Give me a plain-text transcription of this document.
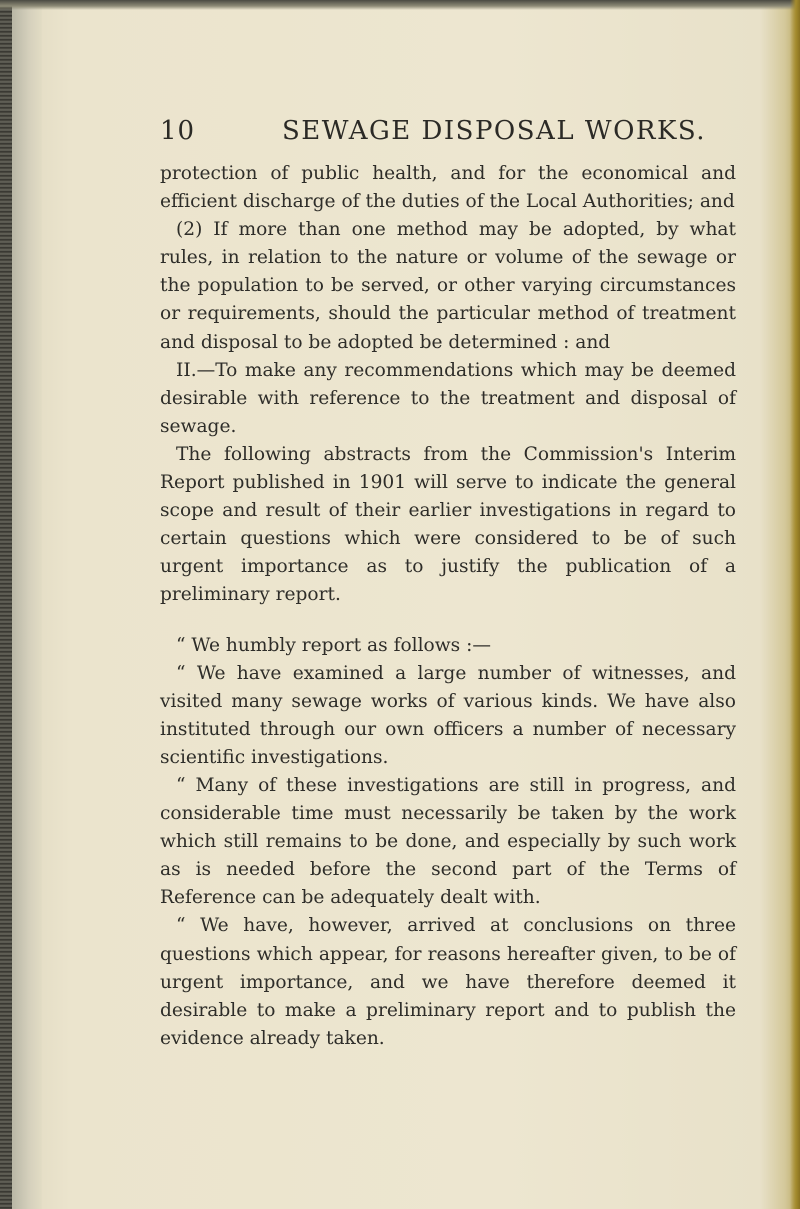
10	SEWAGE DISPOSAL WORKS.

protection of public health, and for the economical and efficient discharge of the duties of the Local Authorities; and

(2) If more than one method may be adopted, by what rules, in relation to the nature or volume of the sewage or the population to be served, or other varying circumstances or requirements, should the particular method of treatment and disposal to be adopted be determined : and

II.—To make any recommendations which may be deemed desirable with reference to the treatment and disposal of sewage.

The following abstracts from the Commission's Interim Report published in 1901 will serve to indicate the general scope and result of their earlier investigations in regard to certain questions which were considered to be of such urgent importance as to justify the publication of a preliminary report.

“ We humbly report as follows :—

“ We have examined a large number of witnesses, and visited many sewage works of various kinds. We have also instituted through our own officers a number of necessary scientific investigations.

“ Many of these investigations are still in progress, and considerable time must necessarily be taken by the work which still remains to be done, and especially by such work as is needed before the second part of the Terms of Reference can be adequately dealt with.

“ We have, however, arrived at conclusions on three questions which appear, for reasons hereafter given, to be of urgent importance, and we have therefore deemed it desirable to make a preliminary report and to publish the evidence already taken.
